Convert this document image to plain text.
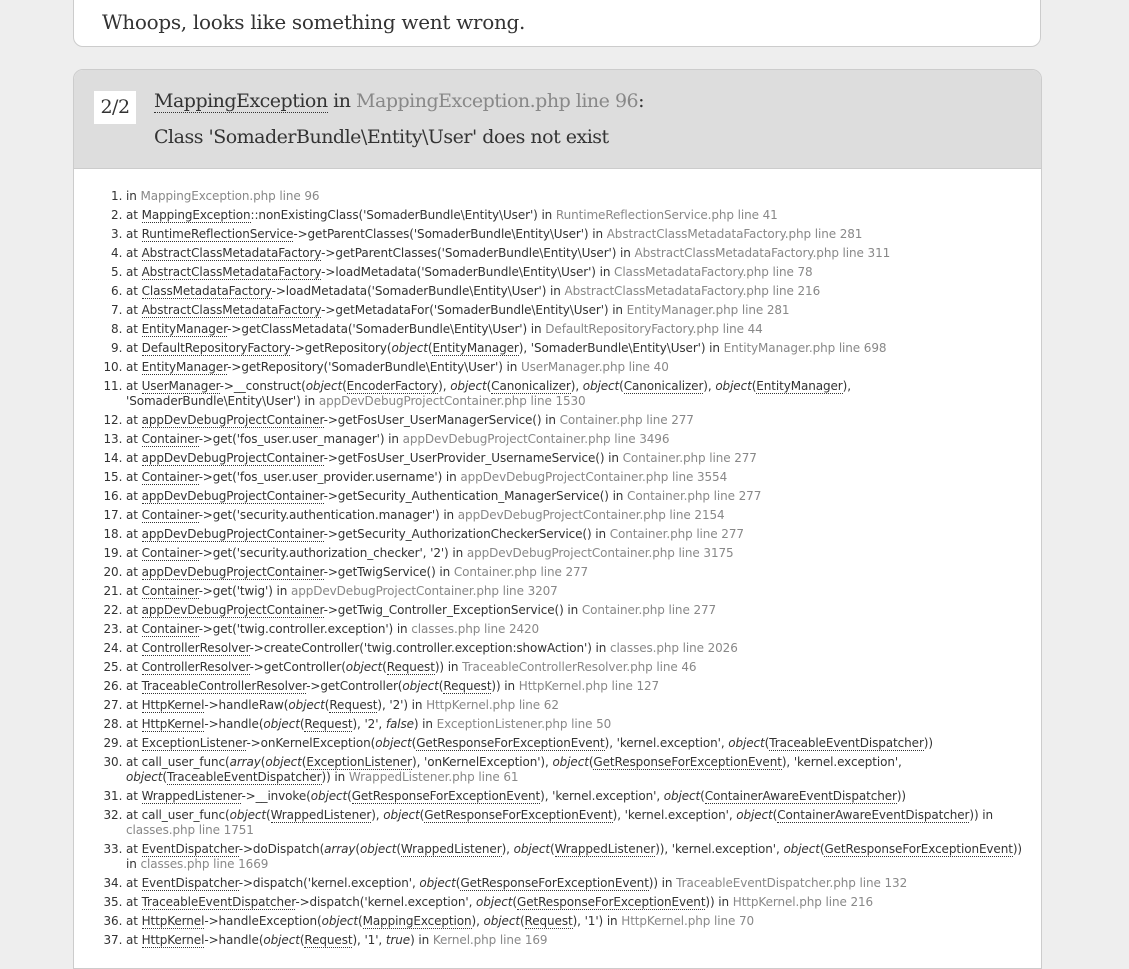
Whoops, looks like something went wrong.
2/2	MappingException in MappingException.php line 96:
Class 'SomaderBundle\Entity\User' does not exist
1. in MappingException.php line 96
2. at MappingException::nonExistingClass('SomaderBundle\Entity\User') in RuntimeReflectionService.php line 41
3. at RuntimeReflectionService->getParentClasses('SomaderBundle\Entity\User') in AbstractClassMetadataFactory.php line 281
4. at AbstractClassMetadataFactory->getParentClasses('SomaderBundle\Entity\User') in AbstractClassMetadataFactory.php line 311
5. at AbstractClassMetadataFactory->loadMetadata('SomaderBundle\Entity\User') in ClassMetadataFactory.php line 78
6. at ClassMetadataFactory->loadMetadata('SomaderBundle\Entity\User') in AbstractClassMetadataFactory.php line 216
7. at AbstractClassMetadataFactory->getMetadataFor('SomaderBundle\Entity\User') in EntityManager.php line 281
8. at EntityManager->getClassMetadata('SomaderBundle\Entity\User') in DefaultRepositoryFactory.php line 44
9. at DefaultRepositoryFactory->getRepository(object(EntityManager), 'SomaderBundle\Entity\User') in EntityManager.php line 698
10. at EntityManager->getRepository('SomaderBundle\Entity\User') in UserManager.php line 40
11. at UserManager->__construct(object(EncoderFactory), object(Canonicalizer), object(Canonicalizer), object(EntityManager), 'SomaderBundle\Entity\User') in appDevDebugProjectContainer.php line 1530
12. at appDevDebugProjectContainer->getFosUser_UserManagerService() in Container.php line 277
13. at Container->get('fos_user.user_manager') in appDevDebugProjectContainer.php line 3496
14. at appDevDebugProjectContainer->getFosUser_UserProvider_UsernameService() in Container.php line 277
15. at Container->get('fos_user.user_provider.username') in appDevDebugProjectContainer.php line 3554
16. at appDevDebugProjectContainer->getSecurity_Authentication_ManagerService() in Container.php line 277
17. at Container->get('security.authentication.manager') in appDevDebugProjectContainer.php line 2154
18. at appDevDebugProjectContainer->getSecurity_AuthorizationCheckerService() in Container.php line 277
19. at Container->get('security.authorization_checker', '2') in appDevDebugProjectContainer.php line 3175
20. at appDevDebugProjectContainer->getTwigService() in Container.php line 277
21. at Container->get('twig') in appDevDebugProjectContainer.php line 3207
22. at appDevDebugProjectContainer->getTwig_Controller_ExceptionService() in Container.php line 277
23. at Container->get('twig.controller.exception') in classes.php line 2420
24. at ControllerResolver->createController('twig.controller.exception:showAction') in classes.php line 2026
25. at ControllerResolver->getController(object(Request)) in TraceableControllerResolver.php line 46
26. at TraceableControllerResolver->getController(object(Request)) in HttpKernel.php line 127
27. at HttpKernel->handleRaw(object(Request), '2') in HttpKernel.php line 62
28. at HttpKernel->handle(object(Request), '2', false) in ExceptionListener.php line 50
29. at ExceptionListener->onKernelException(object(GetResponseForExceptionEvent), 'kernel.exception', object(TraceableEventDispatcher))
30. at call_user_func(array(object(ExceptionListener), 'onKernelException'), object(GetResponseForExceptionEvent), 'kernel.exception', object(TraceableEventDispatcher)) in WrappedListener.php line 61
31. at WrappedListener->__invoke(object(GetResponseForExceptionEvent), 'kernel.exception', object(ContainerAwareEventDispatcher))
32. at call_user_func(object(WrappedListener), object(GetResponseForExceptionEvent), 'kernel.exception', object(ContainerAwareEventDispatcher)) in classes.php line 1751
33. at EventDispatcher->doDispatch(array(object(WrappedListener), object(WrappedListener)), 'kernel.exception', object(GetResponseForExceptionEvent)) in classes.php line 1669
34. at EventDispatcher->dispatch('kernel.exception', object(GetResponseForExceptionEvent)) in TraceableEventDispatcher.php line 132
35. at TraceableEventDispatcher->dispatch('kernel.exception', object(GetResponseForExceptionEvent)) in HttpKernel.php line 216
36. at HttpKernel->handleException(object(MappingException), object(Request), '1') in HttpKernel.php line 70
37. at HttpKernel->handle(object(Request), '1', true) in Kernel.php line 169
